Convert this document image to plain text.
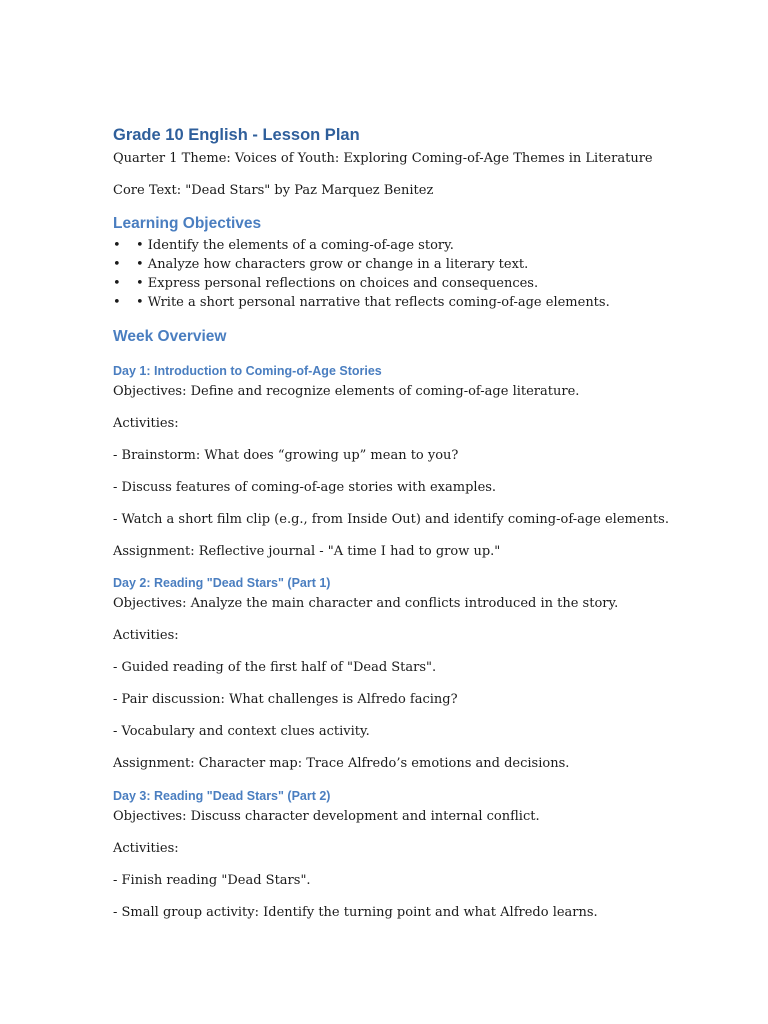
Grade 10 English - Lesson Plan

Quarter 1 Theme: Voices of Youth: Exploring Coming-of-Age Themes in Literature

Core Text: "Dead Stars" by Paz Marquez Benitez

Learning Objectives
• • Identify the elements of a coming-of-age story.
• • Analyze how characters grow or change in a literary text.
• • Express personal reflections on choices and consequences.
• • Write a short personal narrative that reflects coming-of-age elements.
Week Overview
Day 1: Introduction to Coming-of-Age Stories

Objectives: Define and recognize elements of coming-of-age literature.

Activities:

- Brainstorm: What does “growing up” mean to you?

- Discuss features of coming-of-age stories with examples.

- Watch a short film clip (e.g., from Inside Out) and identify coming-of-age elements.

Assignment: Reflective journal - "A time I had to grow up."

Day 2: Reading "Dead Stars" (Part 1)

Objectives: Analyze the main character and conflicts introduced in the story.

Activities:

- Guided reading of the first half of "Dead Stars".

- Pair discussion: What challenges is Alfredo facing?

- Vocabulary and context clues activity.

Assignment: Character map: Trace Alfredo’s emotions and decisions.

Day 3: Reading "Dead Stars" (Part 2)

Objectives: Discuss character development and internal conflict.

Activities:

- Finish reading "Dead Stars".

- Small group activity: Identify the turning point and what Alfredo learns.
